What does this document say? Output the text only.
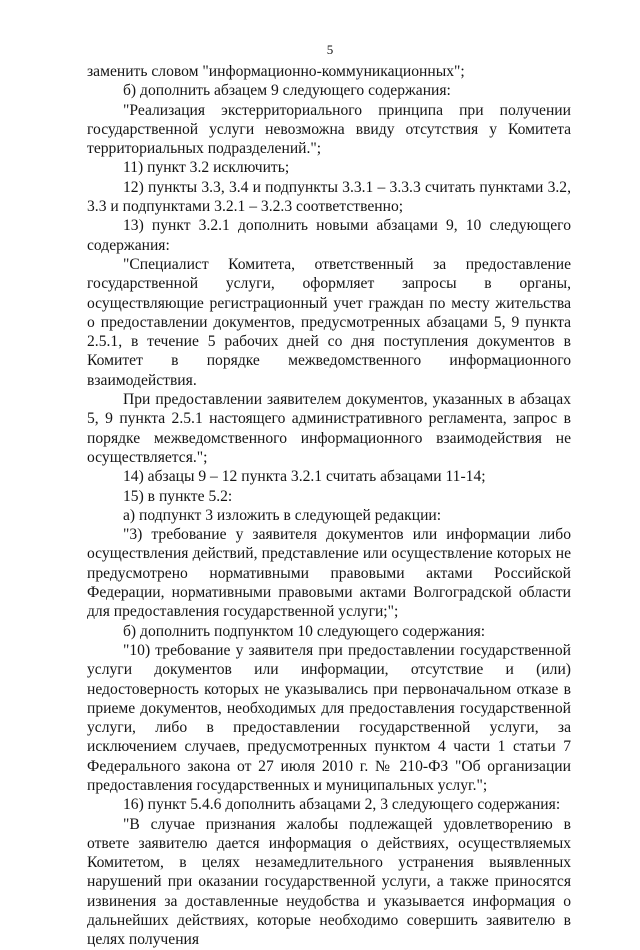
5

заменить словом "информационно-коммуникационных";

б) дополнить абзацем 9 следующего содержания:

"Реализация экстерриториального принципа при получении государственной услуги невозможна ввиду отсутствия у Комитета территориальных подразделений.";

11) пункт 3.2 исключить;

12) пункты 3.3, 3.4 и подпункты 3.3.1 – 3.3.3 считать пунктами 3.2, 3.3 и подпунктами 3.2.1 – 3.2.3 соответственно;

13) пункт 3.2.1 дополнить новыми абзацами 9, 10 следующего содержания:

"Специалист Комитета, ответственный за предоставление государственной услуги, оформляет запросы в органы, осуществляющие регистрационный учет граждан по месту жительства о предоставлении документов, предусмотренных абзацами 5, 9 пункта 2.5.1, в течение 5 рабочих дней со дня поступления документов в Комитет в порядке межведомственного информационного взаимодействия.

При предоставлении заявителем документов, указанных в абзацах 5, 9 пункта 2.5.1 настоящего административного регламента, запрос в порядке межведомственного информационного взаимодействия не осуществляется.";

14) абзацы 9 – 12 пункта 3.2.1 считать абзацами 11-14;

15) в пункте 5.2:

а) подпункт 3 изложить в следующей редакции:

"3) требование у заявителя документов или информации либо осуществления действий, представление или осуществление которых не предусмотрено нормативными правовыми актами Российской Федерации, нормативными правовыми актами Волгоградской области для предоставления государственной услуги;";

б) дополнить подпунктом 10 следующего содержания:

"10) требование у заявителя при предоставлении государственной услуги документов или информации, отсутствие и (или) недостоверность которых не указывались при первоначальном отказе в приеме документов, необходимых для предоставления государственной услуги, либо в предоставлении государственной услуги, за исключением случаев, предусмотренных пунктом 4 части 1 статьи 7 Федерального закона от 27 июля 2010 г. № 210-ФЗ "Об организации предоставления государственных и муниципальных услуг.";

16) пункт 5.4.6 дополнить абзацами 2, 3 следующего содержания:

"В случае признания жалобы подлежащей удовлетворению в ответе заявителю дается информация о действиях, осуществляемых Комитетом, в целях незамедлительного устранения выявленных нарушений при оказании государственной услуги, а также приносятся извинения за доставленные неудобства и указывается информация о дальнейших действиях, которые необходимо совершить заявителю в целях получения
